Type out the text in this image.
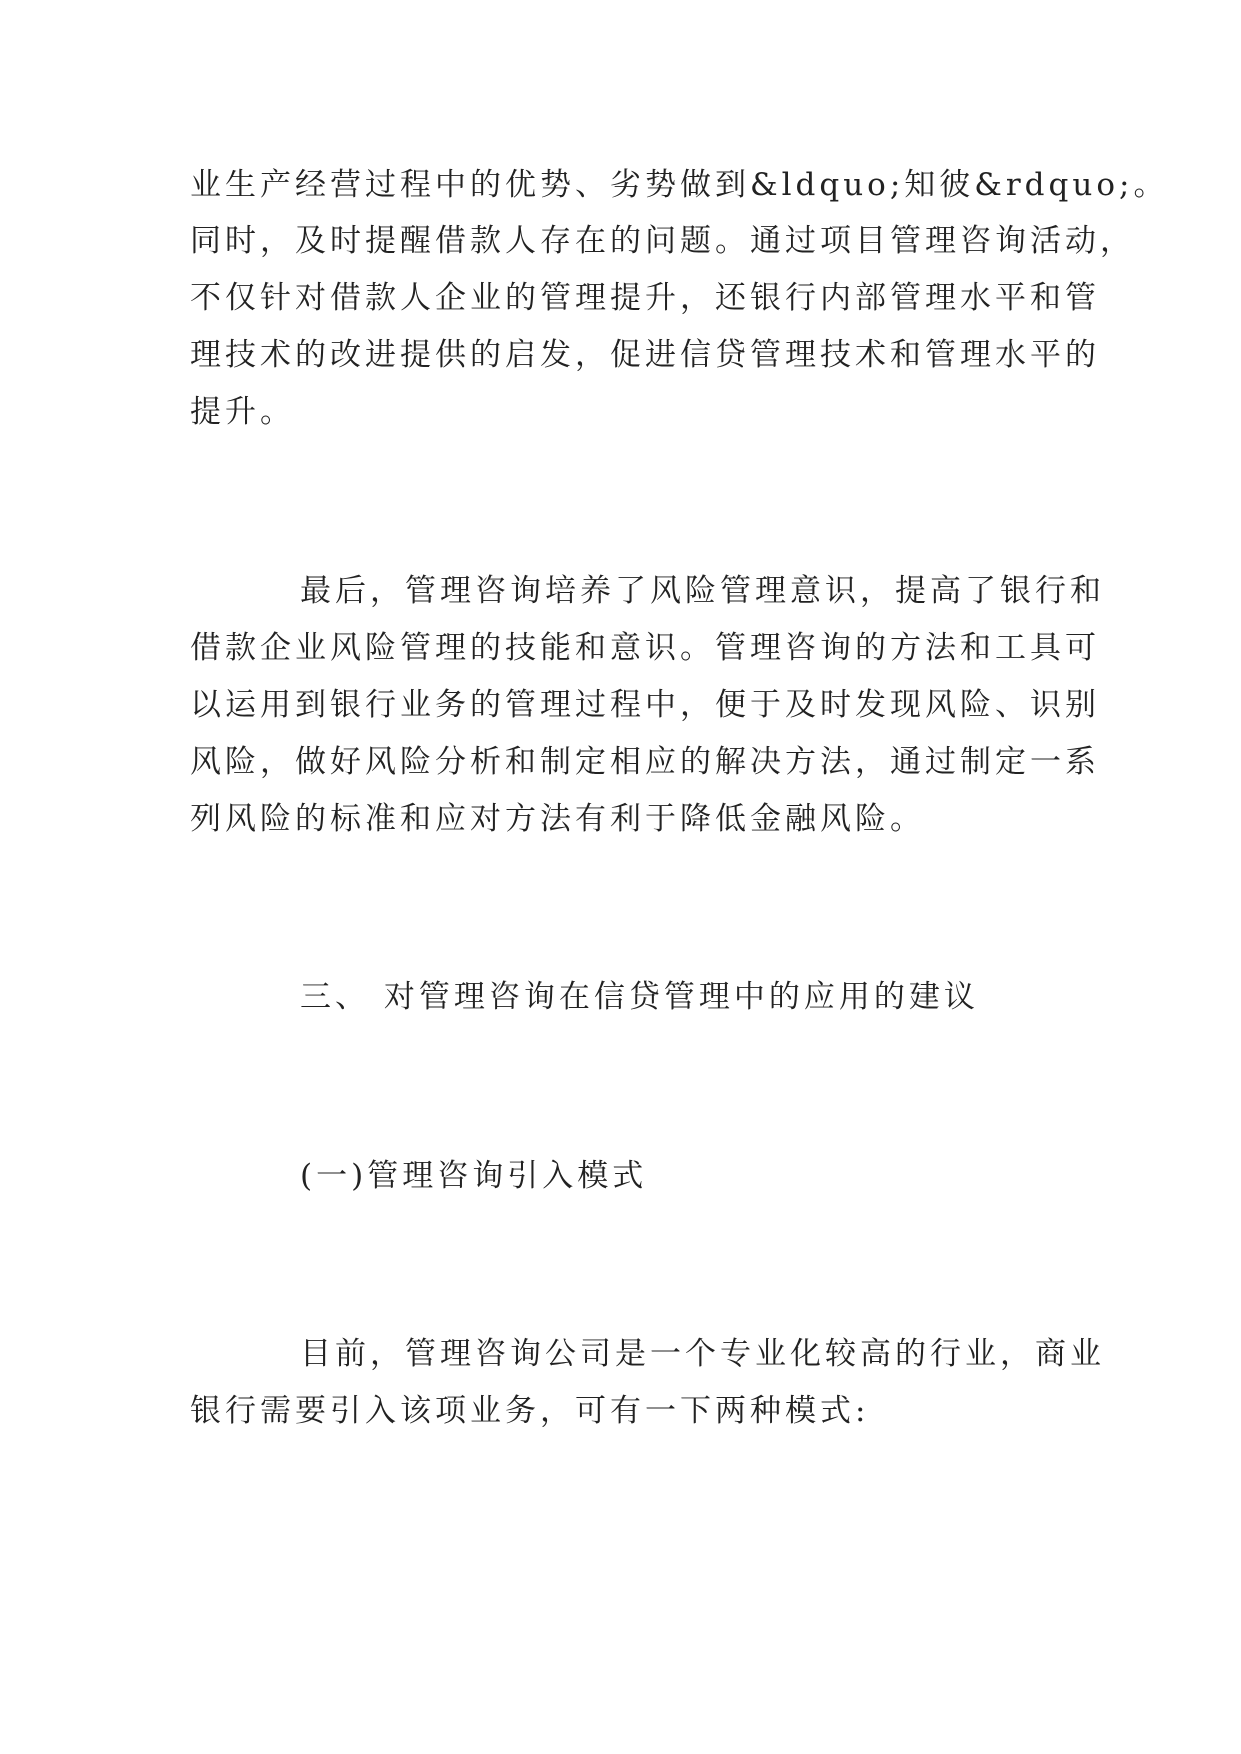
业生产经营过程中的优势、劣势做到&ldquo;知彼&rdquo;。
同时，及时提醒借款人存在的问题。通过项目管理咨询活动，
不仅针对借款人企业的管理提升，还银行内部管理水平和管
理技术的改进提供的启发，促进信贷管理技术和管理水平的
提升。
最后，管理咨询培养了风险管理意识，提高了银行和
借款企业风险管理的技能和意识。管理咨询的方法和工具可
以运用到银行业务的管理过程中，便于及时发现风险、识别
风险，做好风险分析和制定相应的解决方法，通过制定一系
列风险的标准和应对方法有利于降低金融风险。
三、 对管理咨询在信贷管理中的应用的建议
(一)管理咨询引入模式
目前，管理咨询公司是一个专业化较高的行业，商业
银行需要引入该项业务，可有一下两种模式:
